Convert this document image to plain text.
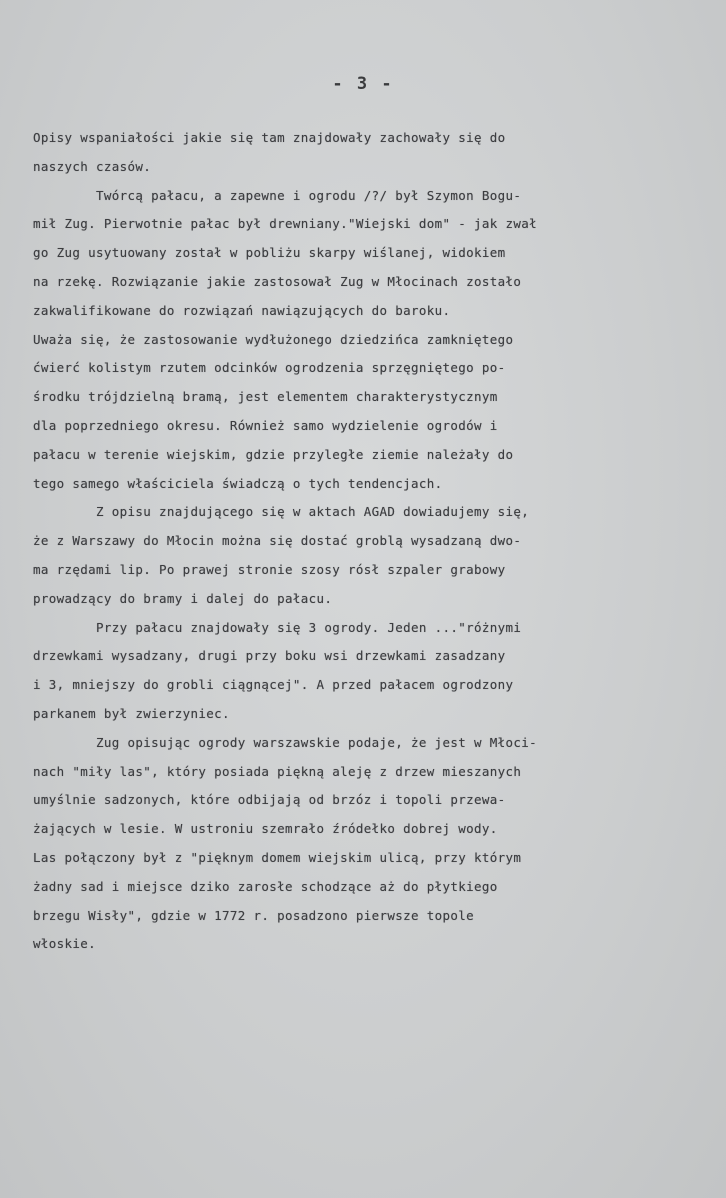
- 3 -
Opisy wspaniałości jakie się tam znajdowały zachowały się do
naszych czasów.
Twórcą pałacu, a zapewne i ogrodu /?/ był Szymon Bogu-
mił Zug. Pierwotnie pałac był drewniany."Wiejski dom" - jak zwał
go Zug usytuowany został w pobliżu skarpy wiślanej, widokiem
na rzekę. Rozwiązanie jakie zastosował Zug w Młocinach zostało
zakwalifikowane do rozwiązań nawiązujących do baroku.
Uważa się, że zastosowanie wydłużonego dziedzińca zamkniętego
ćwierć kolistym rzutem odcinków ogrodzenia sprzęgniętego po-
środku trójdzielną bramą, jest elementem charakterystycznym
dla poprzedniego okresu. Również samo wydzielenie ogrodów i
pałacu w terenie wiejskim, gdzie przyległe ziemie należały do
tego samego właściciela świadczą o tych tendencjach.
Z opisu znajdującego się w aktach AGAD dowiadujemy się,
że z Warszawy do Młocin można się dostać groblą wysadzaną dwo-
ma rzędami lip. Po prawej stronie szosy rósł szpaler grabowy
prowadzący do bramy i dalej do pałacu.
Przy pałacu znajdowały się 3 ogrody. Jeden ..."różnymi
drzewkami wysadzany, drugi przy boku wsi drzewkami zasadzany
i 3, mniejszy do grobli ciągnącej". A przed pałacem ogrodzony
parkanem był zwierzyniec.
Zug opisując ogrody warszawskie podaje, że jest w Młoci-
nach "miły las", który posiada piękną aleję z drzew mieszanych
umyślnie sadzonych, które odbijają od brzóz i topoli przewa-
żających w lesie. W ustroniu szemrało źródełko dobrej wody.
Las połączony był z "pięknym domem wiejskim ulicą, przy którym
żadny sad i miejsce dziko zarosłe schodzące aż do płytkiego
brzegu Wisły", gdzie w 1772 r. posadzono pierwsze topole
włoskie.
